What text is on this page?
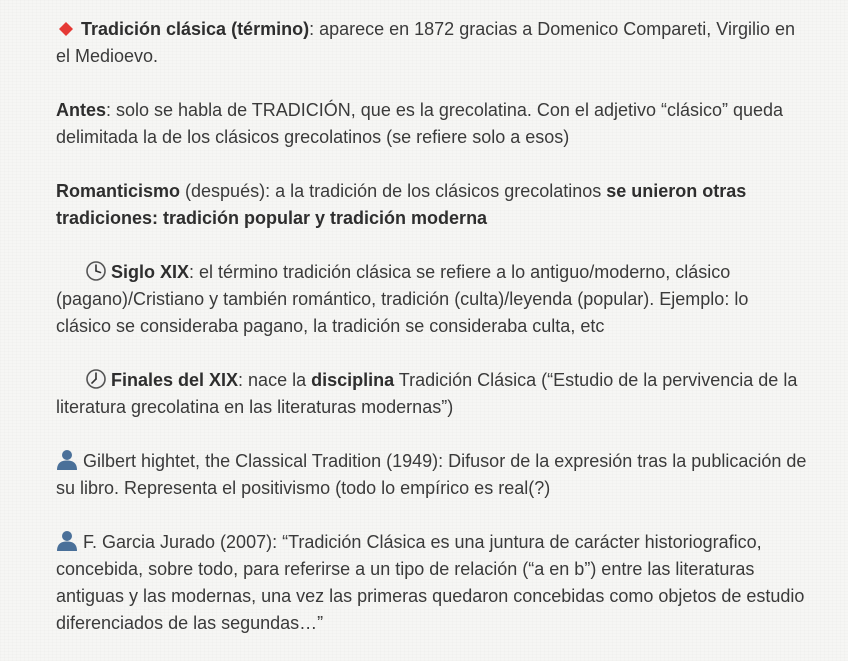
Tradición clásica (término): aparece en 1872 gracias a Domenico Compareti, Virgilio en el Medioevo.

Antes: solo se habla de TRADICIÓN, que es la grecolatina. Con el adjetivo “clásico” queda delimitada la de los clásicos grecolatinos (se refiere solo a esos)

Romanticismo (después): a la tradición de los clásicos grecolatinos se unieron otras tradiciones: tradición popular y tradición moderna

Siglo XIX: el término tradición clásica se refiere a lo antiguo/moderno, clásico (pagano)/Cristiano y también romántico, tradición (culta)/leyenda (popular). Ejemplo: lo clásico se consideraba pagano, la tradición se consideraba culta, etc

Finales del XIX: nace la disciplina Tradición Clásica (“Estudio de la pervivencia de la literatura grecolatina en las literaturas modernas”)

Gilbert hightet, the Classical Tradition (1949): Difusor de la expresión tras la publicación de su libro. Representa el positivismo (todo lo empírico es real(?)

F. Garcia Jurado (2007): “Tradición Clásica es una juntura de carácter historiografico, concebida, sobre todo, para referirse a un tipo de relación (“a en b”) entre las literaturas antiguas y las modernas, una vez las primeras quedaron concebidas como objetos de estudio diferenciados de las segundas…”
